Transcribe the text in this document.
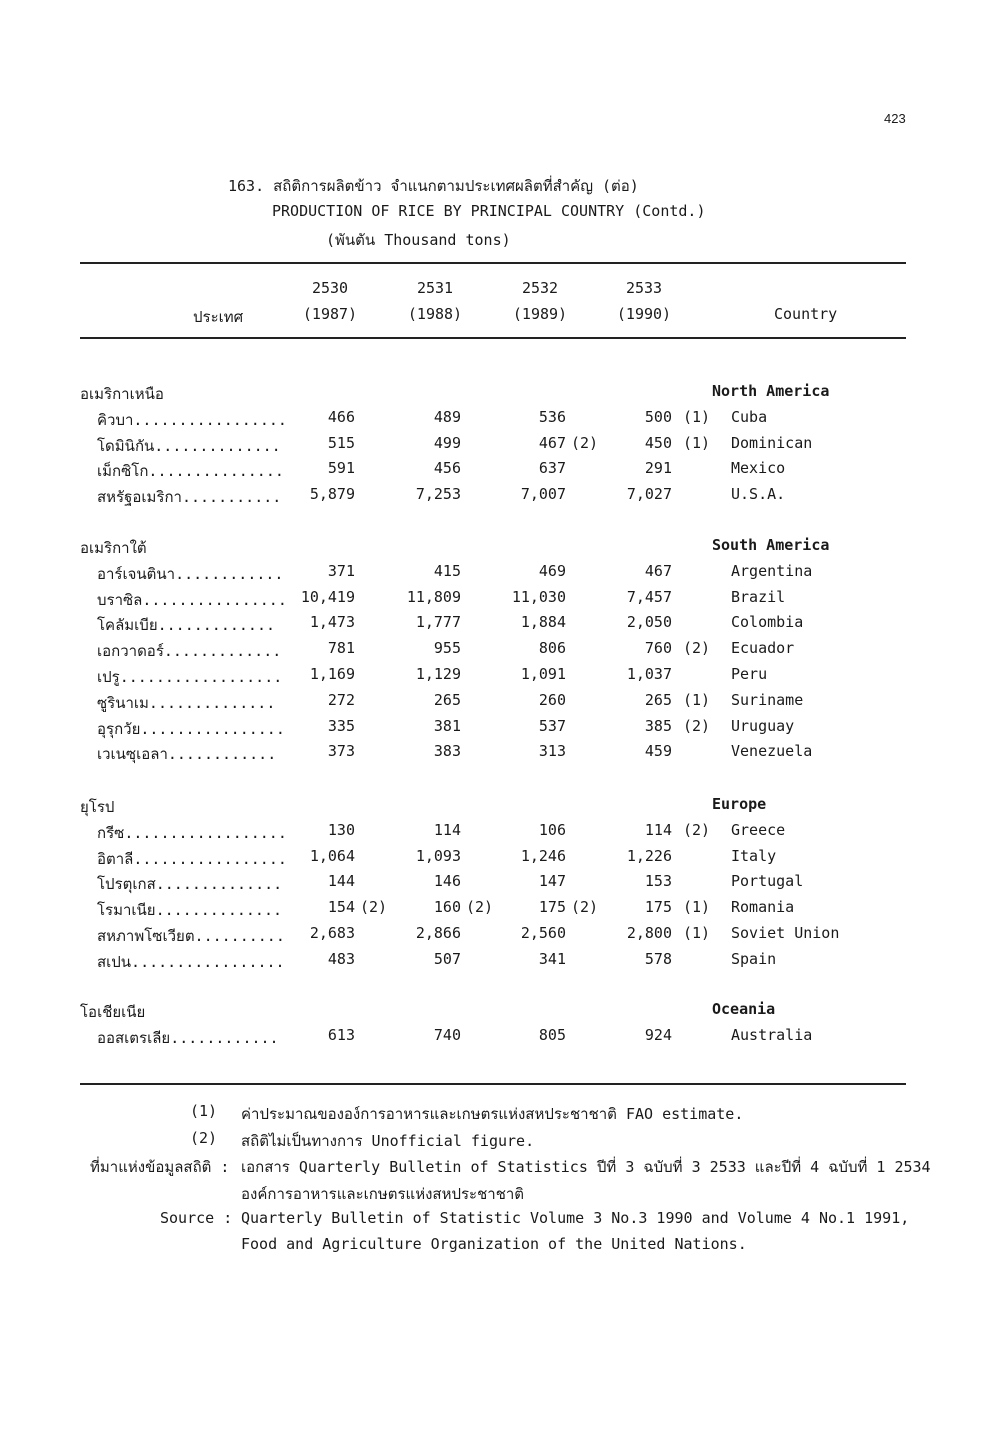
423
163. สถิติการผลิตข้าว จำแนกตามประเทศผลิตที่สำคัญ (ต่อ)
PRODUCTION OF RICE BY PRINCIPAL COUNTRY (Contd.)
(พันตัน Thousand tons)
2530	2531	2532	2533
ประเทศ	(1987)	(1988)	(1989)	(1990)	Country
อเมริกาเหนือ	North America
คิวบา.................	466	489	536	500 (1) Cuba
โดมินิกัน..............	515	499	467 (2)	450 (1) Dominican
เม็กซิโก...............	591	456	637	291	Mexico
สหรัฐอเมริกา...........	5,879	7,253	7,007	7,027	U.S.A.
อเมริกาใต้	South America
อาร์เจนตินา............	371	415	469	467	Argentina
บราซิล................ 10,419	11,809	11,030	7,457	Brazil
โคลัมเบีย.............	1,473	1,777	1,884	2,050	Colombia
เอกวาดอร์.............	781	955	806	760 (2) Ecuador
เปรู..................	1,169	1,129	1,091	1,037	Peru
ซูรินาเม..............	272	265	260	265 (1) Suriname
อุรุกวัย................	335	381	537	385 (2) Uruguay
เวเนซุเอลา............	373	383	313	459	Venezuela
ยุโรป	Europe
กรีซ..................	130	114	106	114 (2) Greece
อิตาลี.................	1,064	1,093	1,246	1,226	Italy
โปรตุเกส..............	144	146	147	153	Portugal
โรมาเนีย..............	154 (2)	160 (2)	175 (2)	175 (1) Romania
สหภาพโซเวียต..........	2,683	2,866	2,560	2,800 (1) Soviet Union
สเปน.................	483	507	341	578	Spain
โอเชียเนีย	Oceania
ออสเตรเลีย............	613	740	805	924	Australia
(1) ค่าประมาณขององ์การอาหารและเกษตรแห่งสหประชาชาติ FAO estimate.
(2) สถิติไม่เป็นทางการ Unofficial figure.
ที่มาแห่งข้อมูลสถิติ : เอกสาร Quarterly Bulletin of Statistics ปีที่ 3 ฉบับที่ 3 2533 และปีที่ 4 ฉบับที่ 1 2534
องค์การอาหารและเกษตรแห่งสหประชาชาติ
Source : Quarterly Bulletin of Statistic Volume 3 No.3 1990 and Volume 4 No.1 1991,
Food and Agriculture Organization of the United Nations.
